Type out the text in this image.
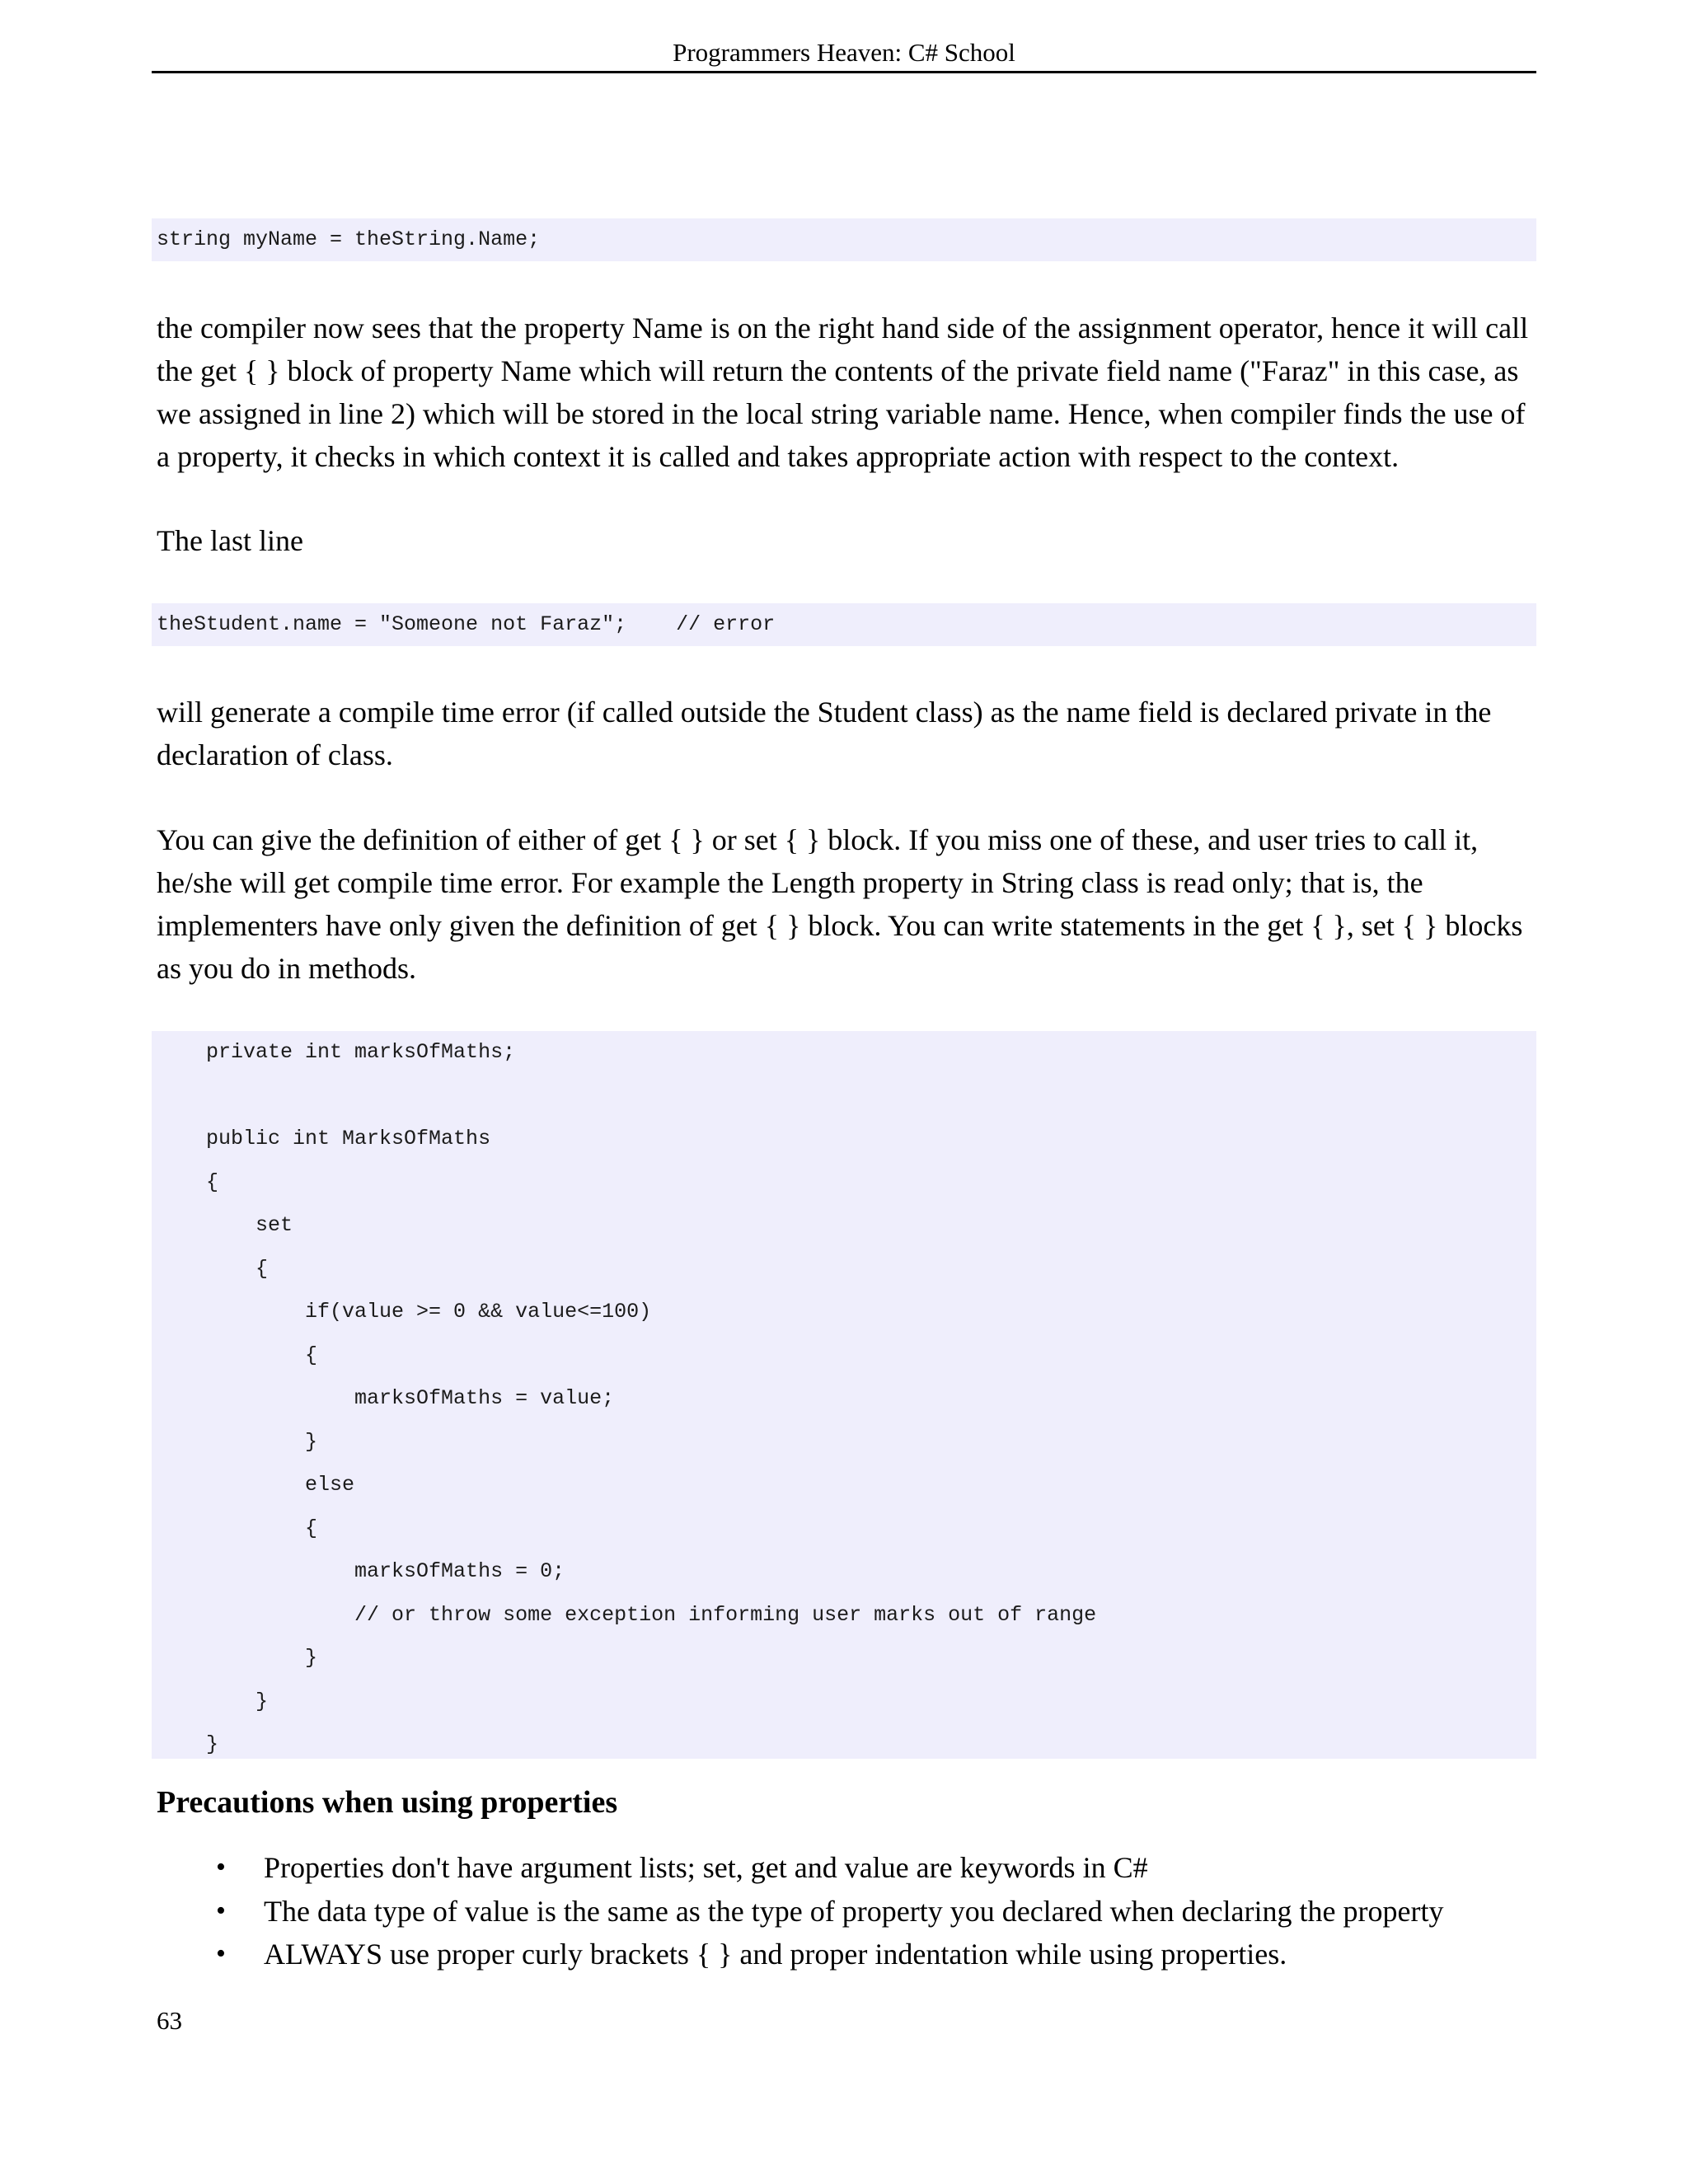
Programmers Heaven: C# School
string myName = theString.Name;
the compiler now sees that the property Name is on the right hand side of the assignment operator, hence it will call the get { } block of property Name which will return the contents of the private field name ("Faraz" in this case, as we assigned in line 2) which will be stored in the local string variable name. Hence, when compiler finds the use of a property, it checks in which context it is called and takes appropriate action with respect to the context.
The last line
theStudent.name = "Someone not Faraz";    // error
will generate a compile time error (if called outside the Student class) as the name field is declared private in the declaration of class.
You can give the definition of either of get { } or set { } block. If you miss one of these, and user tries to call it, he/she will get compile time error. For example the Length property in String class is read only; that is, the implementers have only given the definition of get { } block. You can write statements in the get { }, set { } blocks as you do in methods.
private int marksOfMaths;
public int MarksOfMaths
{
set
{
if(value >= 0 && value<=100)
{
marksOfMaths = value;
}
else
{
marksOfMaths = 0;
// or throw some exception informing user marks out of range
}
}
}
Precautions when using properties
• Properties don't have argument lists; set, get and value are keywords in C#
• The data type of value is the same as the type of property you declared when declaring the property
• ALWAYS use proper curly brackets { } and proper indentation while using properties.
63
